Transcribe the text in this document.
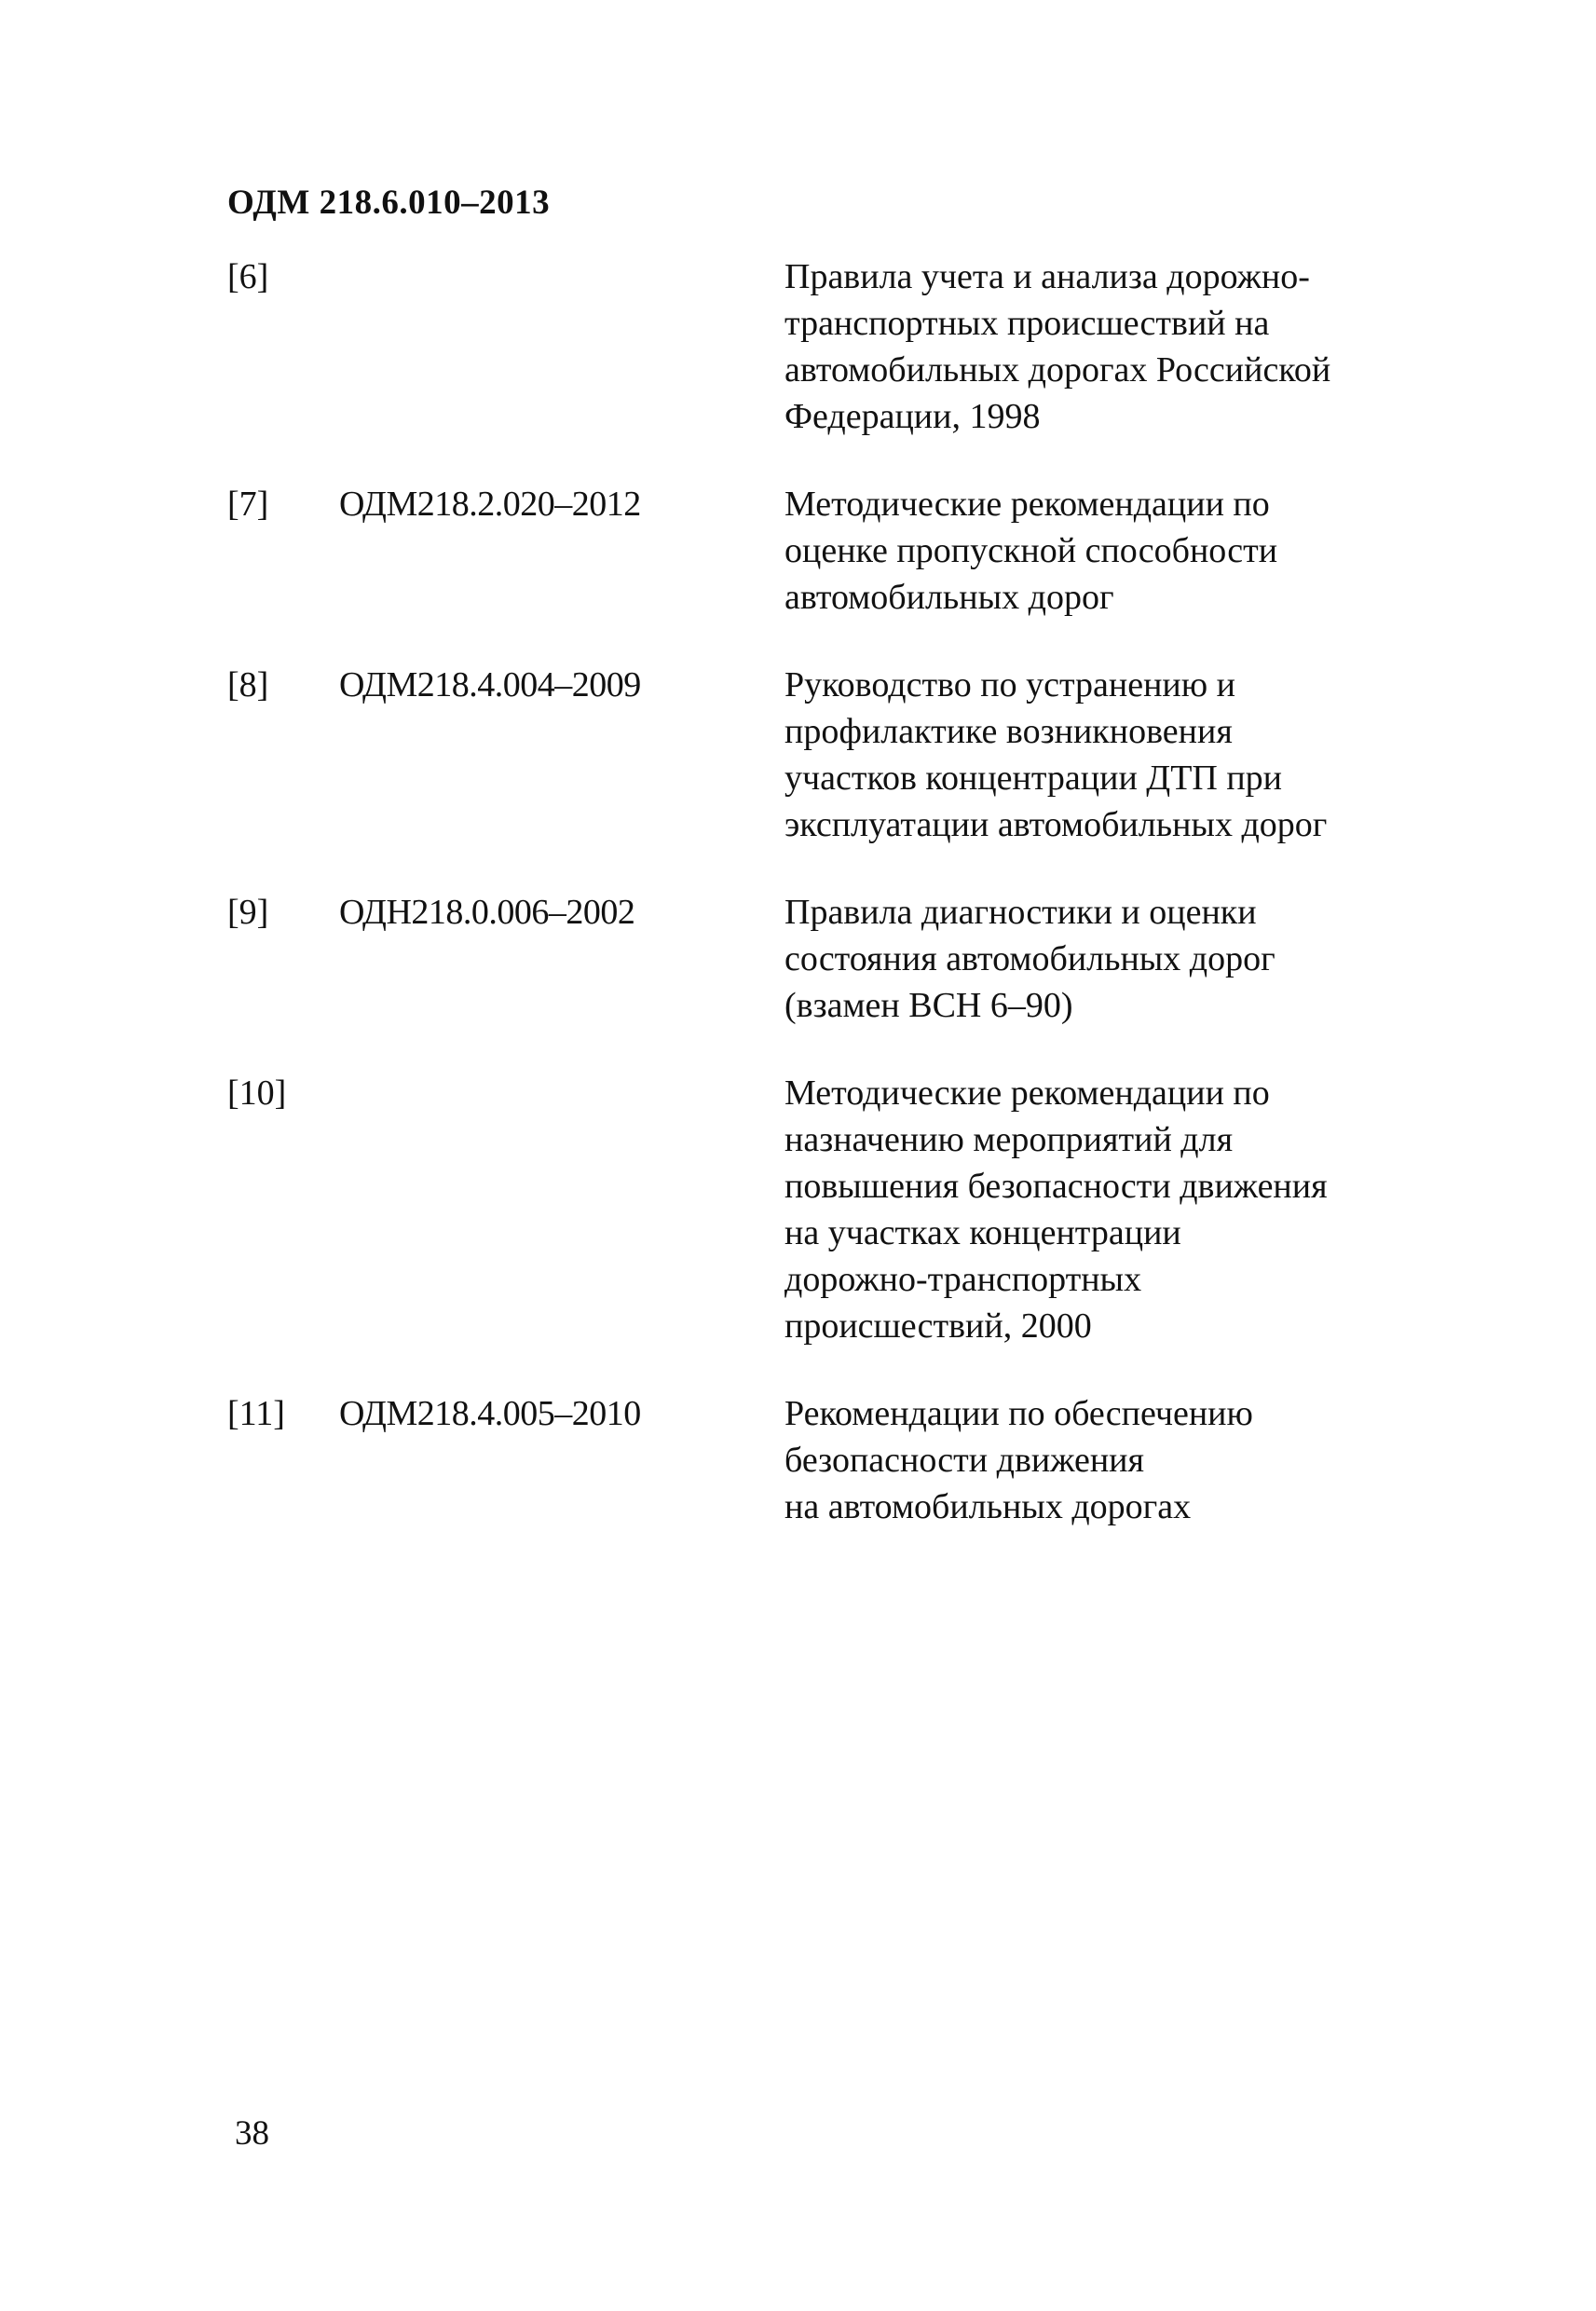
ОДМ 218.6.010–2013
[6]	Правила учета и анализа дорожно-
транспортных происшествий на
автомобильных дорогах Российской
Федерации, 1998
[7] ОДМ218.2.020–2012	Методические рекомендации по
оценке пропускной способности
автомобильных дорог
[8] ОДМ218.4.004–2009	Руководство по устранению и
профилактике возникновения
участков концентрации ДТП при
эксплуатации автомобильных дорог
[9] ОДН218.0.006–2002	Правила диагностики и оценки
состояния автомобильных дорог
(взамен ВСН 6–90)
[10]	Методические рекомендации по
назначению мероприятий для
повышения безопасности движения
на участках концентрации
дорожно-транспортных
происшествий, 2000
[11] ОДМ218.4.005–2010	Рекомендации по обеспечению
безопасности движения
на автомобильных дорогах
38
